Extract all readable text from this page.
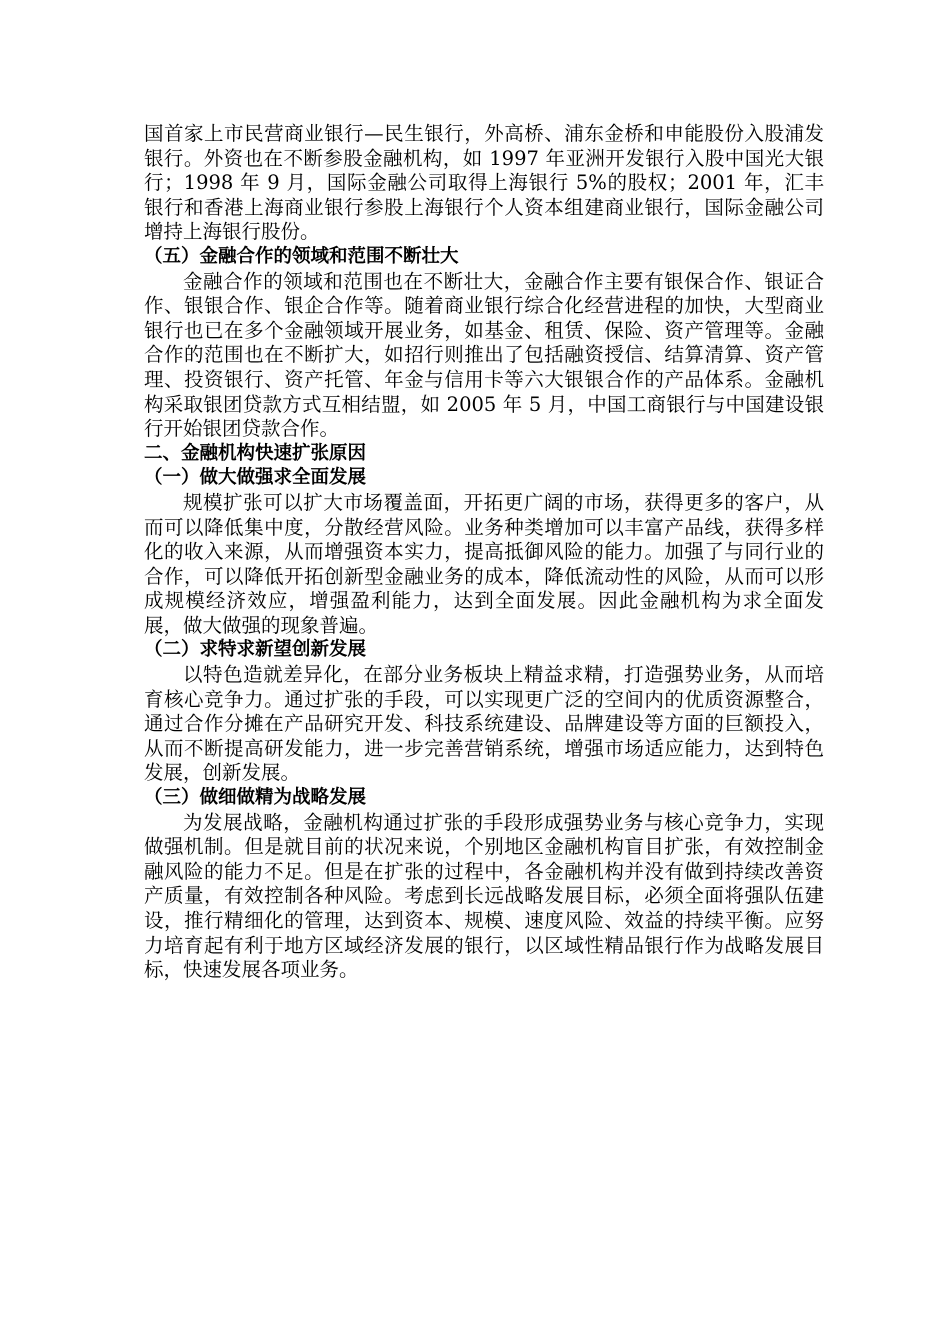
国首家上市民营商业银行—民生银行，外高桥、浦东金桥和申能股份入股浦发银行。外资也在不断参股金融机构，如 1997 年亚洲开发银行入股中国光大银行；1998 年 9 月，国际金融公司取得上海银行 5%的股权；2001 年，汇丰银行和香港上海商业银行参股上海银行个人资本组建商业银行，国际金融公司增持上海银行股份。

（五）金融合作的领域和范围不断壮大

金融合作的领域和范围也在不断壮大，金融合作主要有银保合作、银证合作、银银合作、银企合作等。随着商业银行综合化经营进程的加快，大型商业银行也已在多个金融领域开展业务，如基金、租赁、保险、资产管理等。金融合作的范围也在不断扩大，如招行则推出了包括融资授信、结算清算、资产管理、投资银行、资产托管、年金与信用卡等六大银银合作的产品体系。金融机构采取银团贷款方式互相结盟，如 2005 年 5 月，中国工商银行与中国建设银行开始银团贷款合作。

二、金融机构快速扩张原因

（一）做大做强求全面发展

规模扩张可以扩大市场覆盖面，开拓更广阔的市场，获得更多的客户，从而可以降低集中度，分散经营风险。业务种类增加可以丰富产品线，获得多样化的收入来源，从而增强资本实力，提高抵御风险的能力。加强了与同行业的合作，可以降低开拓创新型金融业务的成本，降低流动性的风险，从而可以形成规模经济效应，增强盈利能力，达到全面发展。因此金融机构为求全面发展，做大做强的现象普遍。

（二）求特求新望创新发展

以特色造就差异化，在部分业务板块上精益求精，打造强势业务，从而培育核心竞争力。通过扩张的手段，可以实现更广泛的空间内的优质资源整合，通过合作分摊在产品研究开发、科技系统建设、品牌建设等方面的巨额投入，从而不断提高研发能力，进一步完善营销系统，增强市场适应能力，达到特色发展，创新发展。

（三）做细做精为战略发展

为发展战略，金融机构通过扩张的手段形成强势业务与核心竞争力，实现做强机制。但是就目前的状况来说，个别地区金融机构盲目扩张，有效控制金融风险的能力不足。但是在扩张的过程中，各金融机构并没有做到持续改善资产质量，有效控制各种风险。考虑到长远战略发展目标，必须全面将强队伍建设，推行精细化的管理，达到资本、规模、速度风险、效益的持续平衡。应努力培育起有利于地方区域经济发展的银行，以区域性精品银行作为战略发展目标，快速发展各项业务。
